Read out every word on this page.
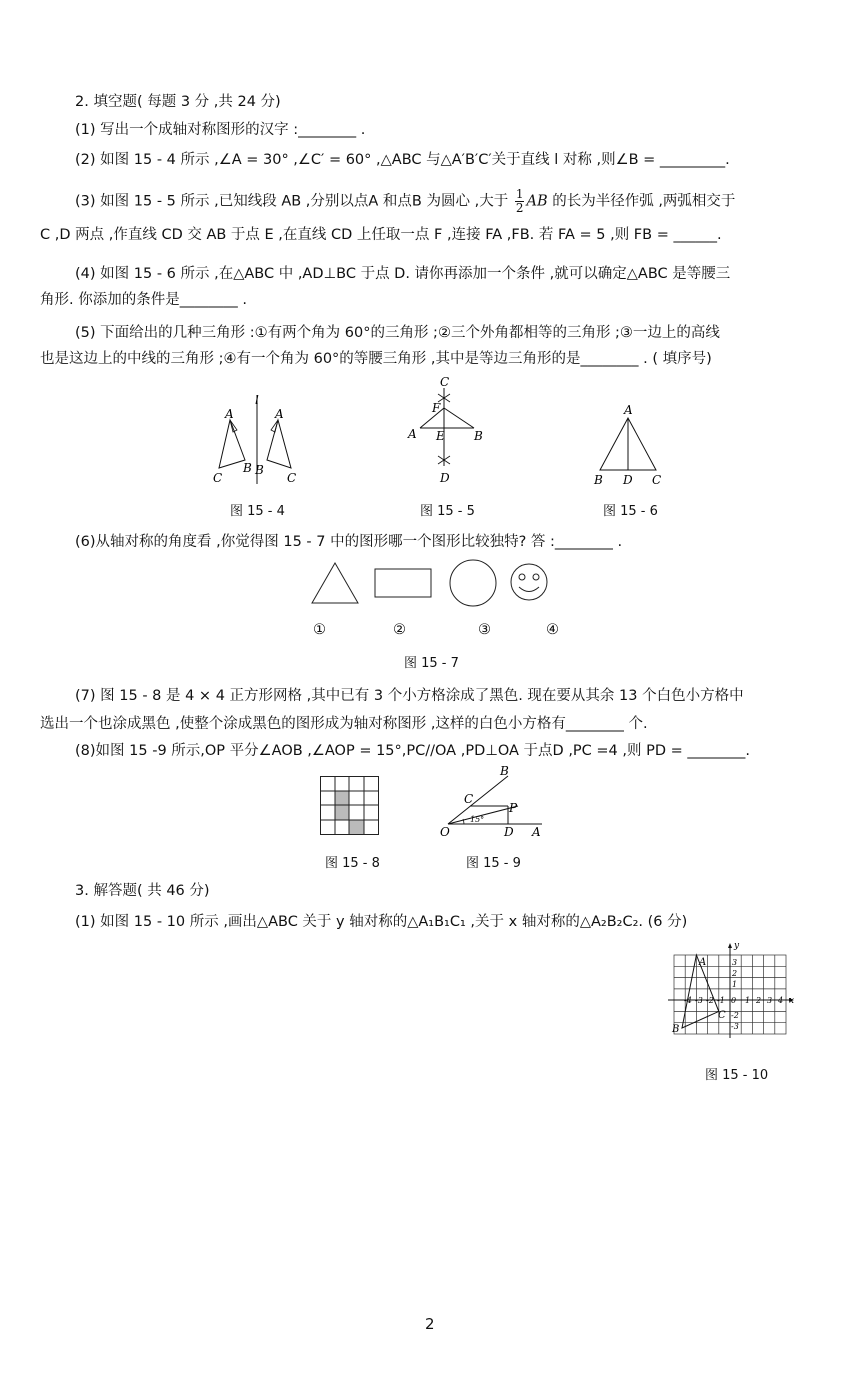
2. 填空题( 每题 3 分 ,共 24 分)
(1) 写出一个成轴对称图形的汉字 :________ .
(2) 如图 15 - 4 所示 ,∠A = 30° ,∠C′ = 60° ,△ABC 与△A′B′C′关于直线 l 对称 ,则∠B = _________.
(3) 如图 15 - 5 所示 ,已知线段 AB ,分别以点A 和点B 为圆心 ,大于 $\frac{1}{2}$ AB 的长为半径作弧 ,两弧相交于
C ,D 两点 ,作直线 CD 交 AB 于点 E ,在直线 CD 上任取一点 F ,连接 FA ,FB. 若 FA = 5 ,则 FB = ______.
(4) 如图 15 - 6 所示 ,在△ABC 中 ,AD⊥BC 于点 D. 请你再添加一个条件 ,就可以确定△ABC 是等腰三
角形. 你添加的条件是________ .
(5) 下面给出的几种三角形 :①有两个角为 60°的三角形 ;②三个外角都相等的三角形 ;③一边上的高线
也是这边上的中线的三角形 ;④有一个角为 60°的等腰三角形 ,其中是等边三角形的是________ . ( 填序号)
A
l
A
C
B B
C
图 15 - 4
C
F
A E B
D
图 15 - 5
A
B D C
图 15 - 6
(6)从轴对称的角度看 ,你觉得图 15 - 7 中的图形哪一个图形比较独特? 答 :________ .
①	②	③	④
图 15 - 7
(7) 图 15 - 8 是 4 × 4 正方形网格 ,其中已有 3 个小方格涂成了黑色. 现在要从其余 13 个白色小方格中
选出一个也涂成黑色 ,使整个涂成黑色的图形成为轴对称图形 ,这样的白色小方格有________ 个.
(8)如图 15 -9 所示,OP 平分∠AOB ,∠AOP = 15°,PC//OA ,PD⊥OA 于点D ,PC =4 ,则 PD = ________.
图 15 - 8
B
C
P
15°
O	D A
图 15 - 9
3. 解答题( 共 46 分)
(1) 如图 15 - 10 所示 ,画出△ABC 关于 y 轴对称的△A₁B₁C₁ ,关于 x 轴对称的△A₂B₂C₂. (6 分)
y
x
-4 -3 -2 -1 0 1 2 3 4
3
2
1
-2
-3
A
B
C
图 15 - 10
2
